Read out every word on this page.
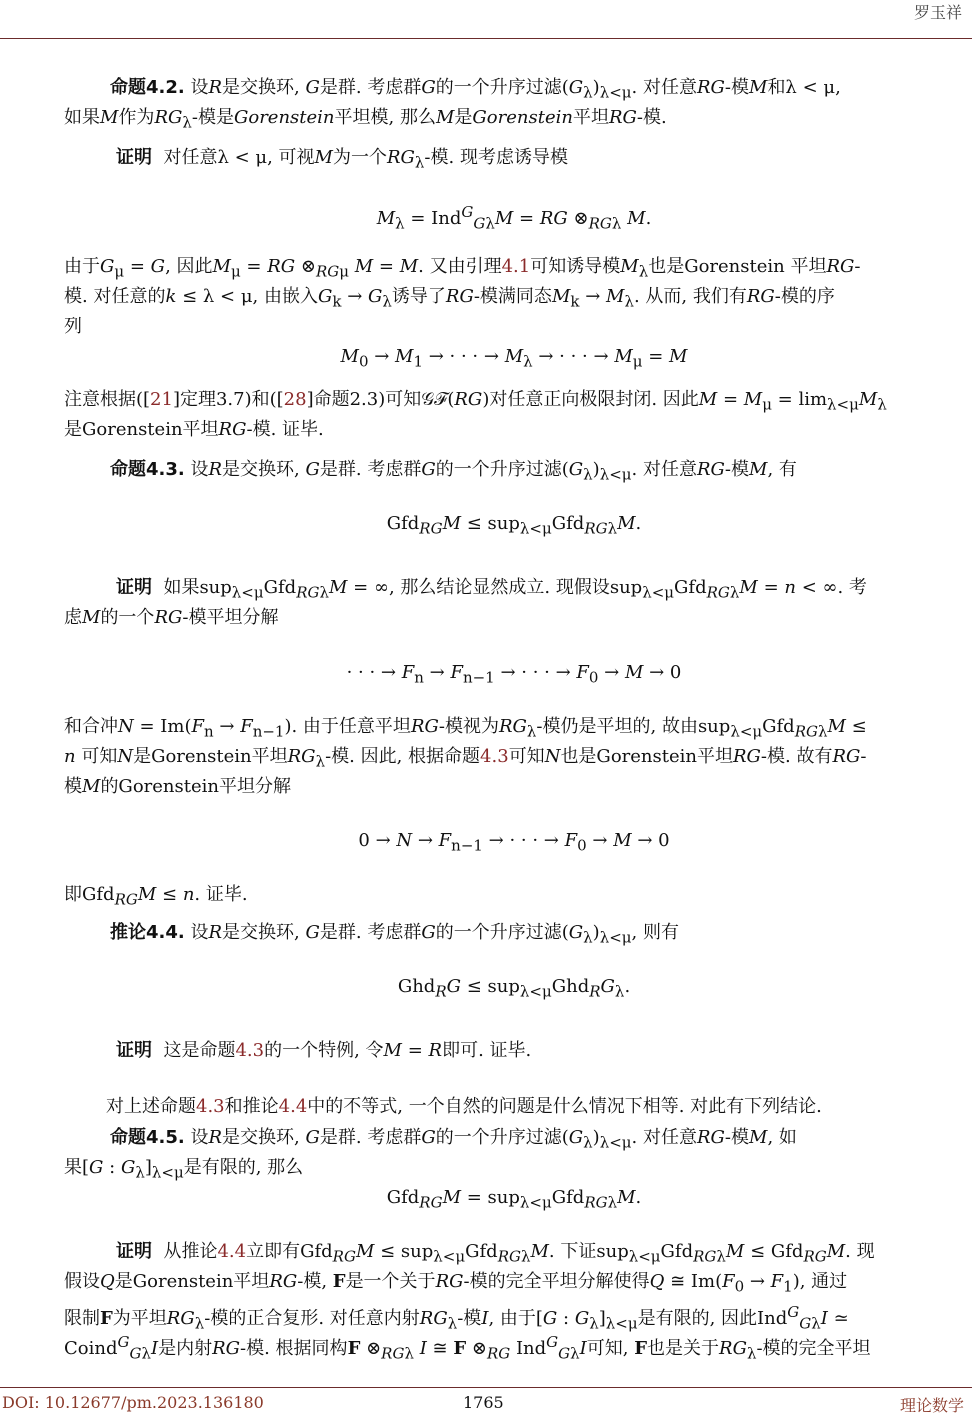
罗玉祥
命题4.2. 设R是交换环, G是群. 考虑群G的一个升序过滤$(G_\lambda)_{\lambda<\mu}$. 对任意RG-模M和λ < μ,
如果M作为$RG_\lambda-$模是Gorenstein平坦模, 那么M是Gorenstein平坦RG-模.
证明  对任意λ < μ, 可视M为一个$RG_\lambda-$模. 现考虑诱导模
$M_\lambda = Ind^G_{G\lambda}M$ = RG $\otimes_{RG\lambda}$ M.
由于$G_\mu = G$, 因此$M_\mu$ = RG $\otimes_{RG\mu}$ M = M. 又由引理4.1可知诱导模$M_\lambda$也是Gorenstein 平坦RG-
模. 对任意的k ≤ λ < μ, 由嵌入$G_k \to G_\lambda$诱导了RG-模满同态$M_k \to M_\lambda$. 从而, 我们有RG-模的序
列
$M_0 \to M_1$ → · · · → $M_\lambda$ → · · · → $M_\mu = M$
注意根据([21]定理3.7)和([28]命题2.3)可知𝒢ℱ(RG)对任意正向极限封闭. 因此$M = M_\mu = \lim_{\lambda<\mu}M_\lambda$
是Gorenstein平坦RG-模. 证毕.
命题4.3. 设R是交换环, G是群. 考虑群G的一个升序过滤$(G_\lambda)_{\lambda<\mu}$. 对任意RG-模M, 有
Gfd$_{RG}$M ≤ sup$_{\lambda<\mu}$Gfd$_{RG\lambda}$M.
证明  如果sup$_{\lambda<\mu}$Gfd$_{RG\lambda}$M = ∞, 那么结论显然成立. 现假设sup$_{\lambda<\mu}$Gfd$_{RG\lambda}$M = n < ∞. 考
虑M的一个RG-模平坦分解
· · · → $F_n \to F_{n-1}$ → · · · → $F_0 \to M \to 0$
和合冲$N = Im(F_n \to F_{n-1})$. 由于任意平坦RG-模视为$RG_\lambda-$模仍是平坦的, 故由sup$_{\lambda<\mu}$Gfd$_{RG\lambda}$M ≤
n 可知N是Gorenstein平坦$RG_\lambda-$模. 因此, 根据命题4.3可知N也是Gorenstein平坦RG-模. 故有RG-
模M的Gorenstein平坦分解
$0 \to N \to F_{n-1}$ → · · · → $F_0 \to M \to 0$
即Gfd$_{RG}$M ≤ n. 证毕.
推论4.4. 设R是交换环, G是群. 考虑群G的一个升序过滤$(G_\lambda)_{\lambda<\mu}$, 则有
$Ghd_RG \le sup_{\lambda<\mu}Ghd_RG_\lambda$.
证明  这是命题4.3的一个特例, 令M = R即可. 证毕.
对上述命题4.3和推论4.4中的不等式, 一个自然的问题是什么情况下相等. 对此有下列结论.
命题4.5. 设R是交换环, G是群. 考虑群G的一个升序过滤$(G_\lambda)_{\lambda<\mu}$. 对任意RG-模M, 如
果[G : $G_\lambda]_{\lambda<\mu}$是有限的, 那么
Gfd$_{RG}$M = sup$_{\lambda<\mu}$Gfd$_{RG\lambda}$M.
证明  从推论4.4立即有Gfd$_{RG}$M ≤ sup$_{\lambda<\mu}$Gfd$_{RG\lambda}$M. 下证sup$_{\lambda<\mu}$Gfd$_{RG\lambda}$M ≤ Gfd$_{RG}$M. 现
假设Q是Gorenstein平坦RG-模, F是一个关于RG-模的完全平坦分解使得Q ≅ $Im(F_0 \to F_1)$, 通过
限制F为平坦$RG_\lambda-$模的正合复形. 对任意内射$RG_\lambda-$模I, 由于[G : $G_\lambda]_{\lambda<\mu}$是有限的, 因此Ind$^G_{G\lambda}$I ≃
Coind$^G_{G\lambda}$I是内射RG-模. 根据同构F $\otimes_{RG\lambda}$ I ≅ F $\otimes_{RG}$ Ind$^G_{G\lambda}$I可知, F也是关于$RG_\lambda-$模的完全平坦
DOI: 10.12677/pm.2023.136180	1765	理论数学
